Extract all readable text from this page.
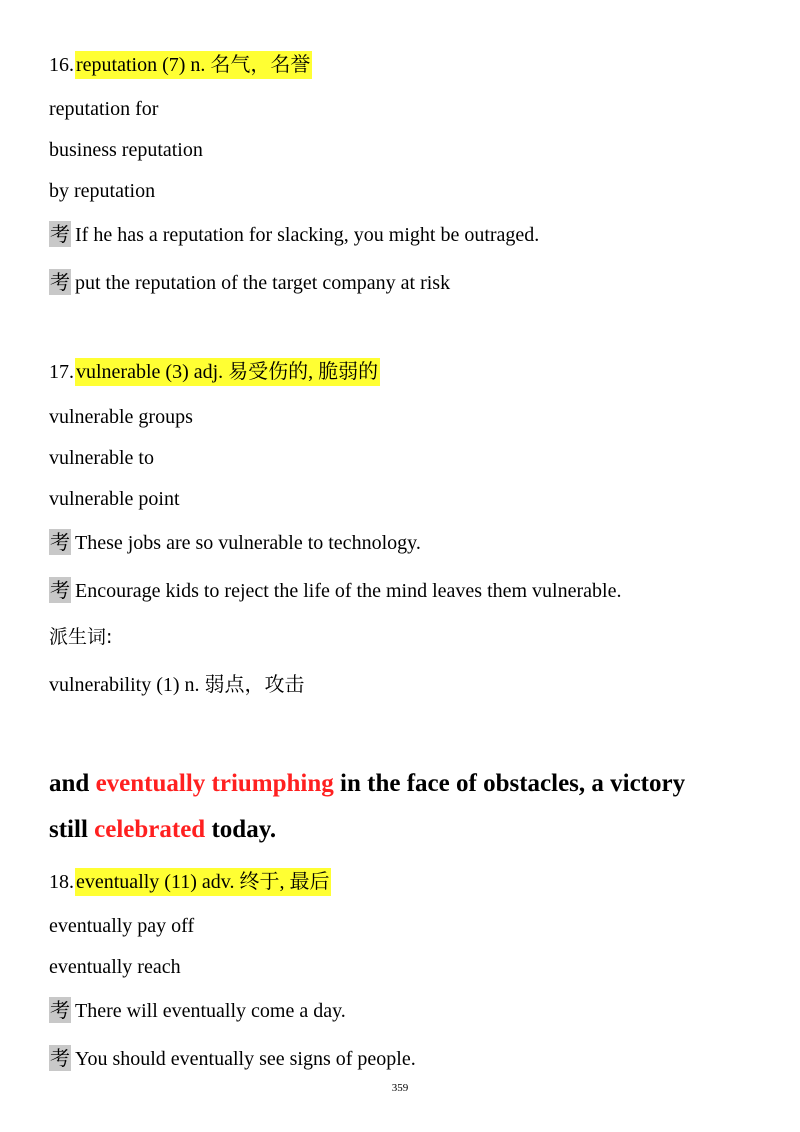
16. reputation (7) n. 名气，名誉
reputation for
business reputation
by reputation
考 If he has a reputation for slacking, you might be outraged.
考 put the reputation of the target company at risk
17. vulnerable (3) adj. 易受伤的, 脆弱的
vulnerable groups
vulnerable to
vulnerable point
考 These jobs are so vulnerable to technology.
考 Encourage kids to reject the life of the mind leaves them vulnerable.
派生词:
vulnerability (1) n. 弱点，攻击
and eventually triumphing in the face of obstacles, a victory
still celebrated today.
18. eventually (11) adv. 终于, 最后
eventually pay off
eventually reach
考 There will eventually come a day.
考 You should eventually see signs of people.
359
